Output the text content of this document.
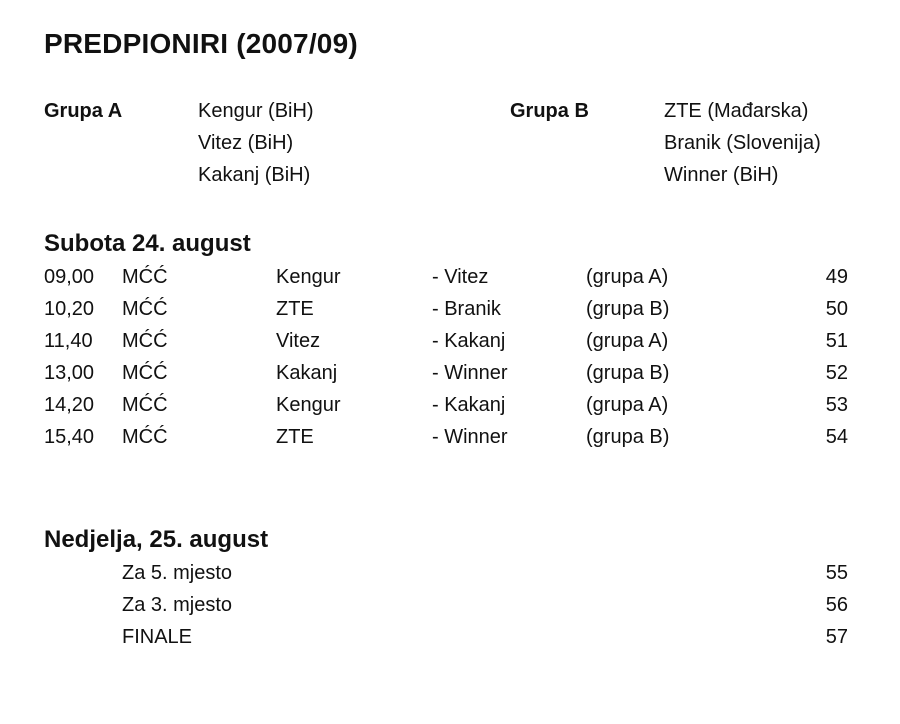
PREDPIONIRI (2007/09)
Grupa A	Kengur (BiH)
Vitez (BiH)
Kakanj (BiH)
Grupa B	ZTE (Mađarska)
Branik (Slovenija)
Winner (BiH)
Subota 24. august
09,00 MĆĆ	Kengur	- Vitez	(grupa A)	49
10,20 MĆĆ	ZTE	- Branik	(grupa B)	50
11,40 MĆĆ	Vitez	- Kakanj	(grupa A)	51
13,00 MĆĆ	Kakanj	- Winner	(grupa B)	52
14,20 MĆĆ	Kengur	- Kakanj	(grupa A)	53
15,40 MĆĆ	ZTE	- Winner	(grupa B)	54
Nedjelja, 25. august
Za 5. mjesto	55
Za 3. mjesto	56
FINALE	57
